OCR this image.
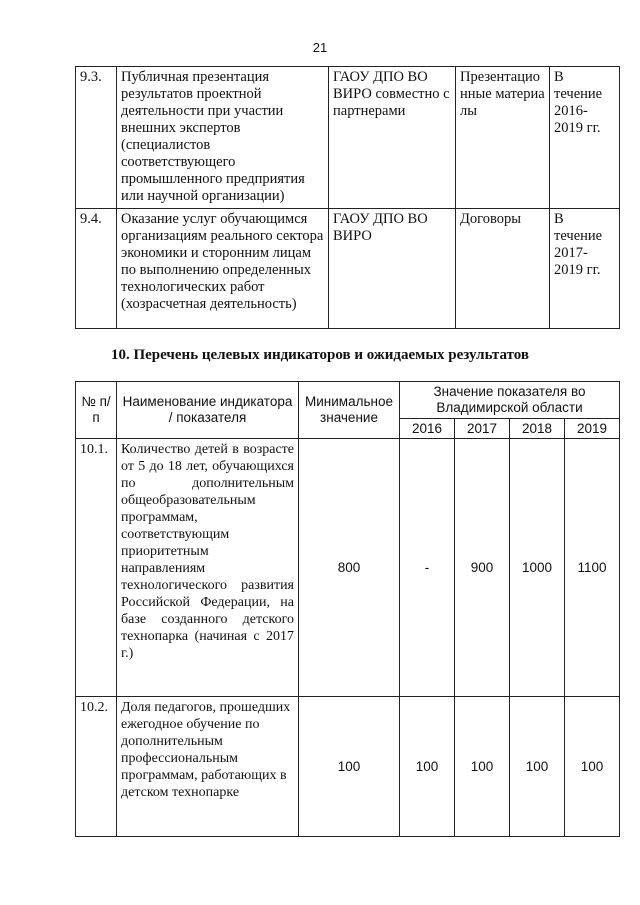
21
9.3.	Публичная презентация результатов проектной деятельности при участии внешних экспертов (специалистов соответствующего промышленного предприятия или научной организации)	ГАОУ ДПО ВО ВИРО совместно с партнерами	Презентационные материалы	В течение 2016-2019 гг.
9.4.	Оказание услуг обучающимся организациям реального сектора экономики и сторонним лицам по выполнению определенных технологических работ (хозрасчетная деятельность)	ГАОУ ДПО ВО ВИРО	Договоры	В течение 2017-2019 гг.
10. Перечень целевых индикаторов и ожидаемых результатов
№ п/п	Наименование индикатора / показателя	Минимальное значение	Значение показателя во Владимирской области			
			2016	2017	2018	2019
10.1.	Количество детей в возрасте от 5 до 18 лет, обучающихся по дополнительным общеобразовательным программам, соответствующим приоритетным направлениям технологического развития Российской Федерации, на базе созданного детского технопарка (начиная с 2017 г.)	800	-	900	1000	1100
10.2.	Доля педагогов, прошедших ежегодное обучение по дополнительным профессиональным программам, работающих в детском технопарке	100	100	100	100	100
